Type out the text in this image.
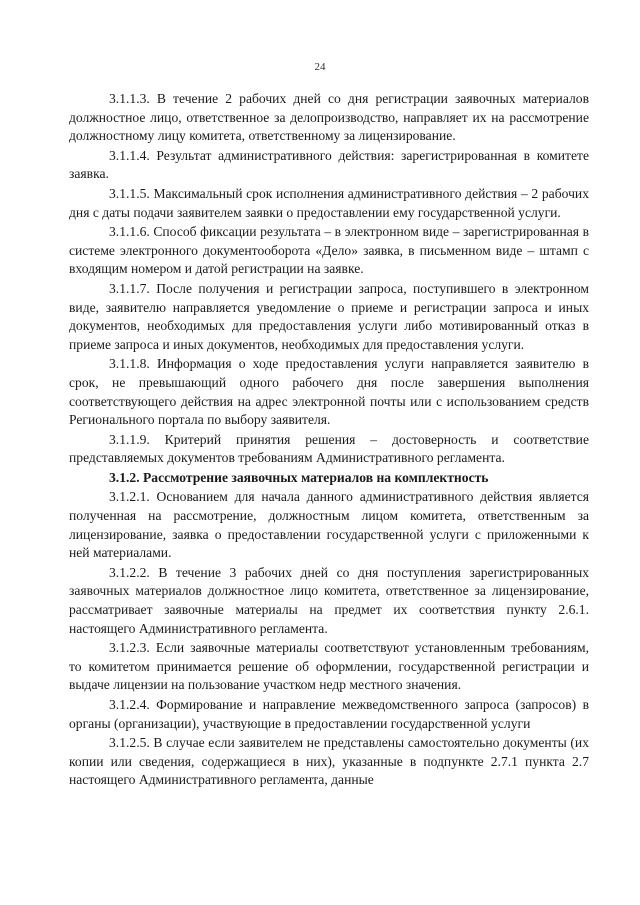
24

3.1.1.3. В течение 2 рабочих дней со дня регистрации заявочных материалов должностное лицо, ответственное за делопроизводство, направляет их на рассмотрение должностному лицу комитета, ответственному за лицензирование.

3.1.1.4. Результат административного действия: зарегистрированная в комитете заявка.

3.1.1.5. Максимальный срок исполнения административного действия – 2 рабочих дня с даты подачи заявителем заявки о предоставлении ему государственной услуги.

3.1.1.6. Способ фиксации результата – в электронном виде – зарегистрированная в системе электронного документооборота «Дело» заявка, в письменном виде – штамп с входящим номером и датой регистрации на заявке.

3.1.1.7. После получения и регистрации запроса, поступившего в электронном виде, заявителю направляется уведомление о приеме и регистрации запроса и иных документов, необходимых для предоставления услуги либо мотивированный отказ в приеме запроса и иных документов, необходимых для предоставления услуги.

3.1.1.8. Информация о ходе предоставления услуги направляется заявителю в срок, не превышающий одного рабочего дня после завершения выполнения соответствующего действия на адрес электронной почты или с использованием средств Регионального портала по выбору заявителя.

3.1.1.9. Критерий принятия решения – достоверность и соответствие представляемых документов требованиям Административного регламента.

3.1.2. Рассмотрение заявочных материалов на комплектность

3.1.2.1. Основанием для начала данного административного действия является полученная на рассмотрение, должностным лицом комитета, ответственным за лицензирование, заявка о предоставлении государственной услуги с приложенными к ней материалами.

3.1.2.2. В течение 3 рабочих дней со дня поступления зарегистрированных заявочных материалов должностное лицо комитета, ответственное за лицензирование, рассматривает заявочные материалы на предмет их соответствия пункту 2.6.1. настоящего Административного регламента.

3.1.2.3. Если заявочные материалы соответствуют установленным требованиям, то комитетом принимается решение об оформлении, государственной регистрации и выдаче лицензии на пользование участком недр местного значения.

3.1.2.4. Формирование и направление межведомственного запроса (запросов) в органы (организации), участвующие в предоставлении государственной услуги

3.1.2.5. В случае если заявителем не представлены самостоятельно документы (их копии или сведения, содержащиеся в них), указанные в подпункте 2.7.1 пункта 2.7 настоящего Административного регламента, данные
